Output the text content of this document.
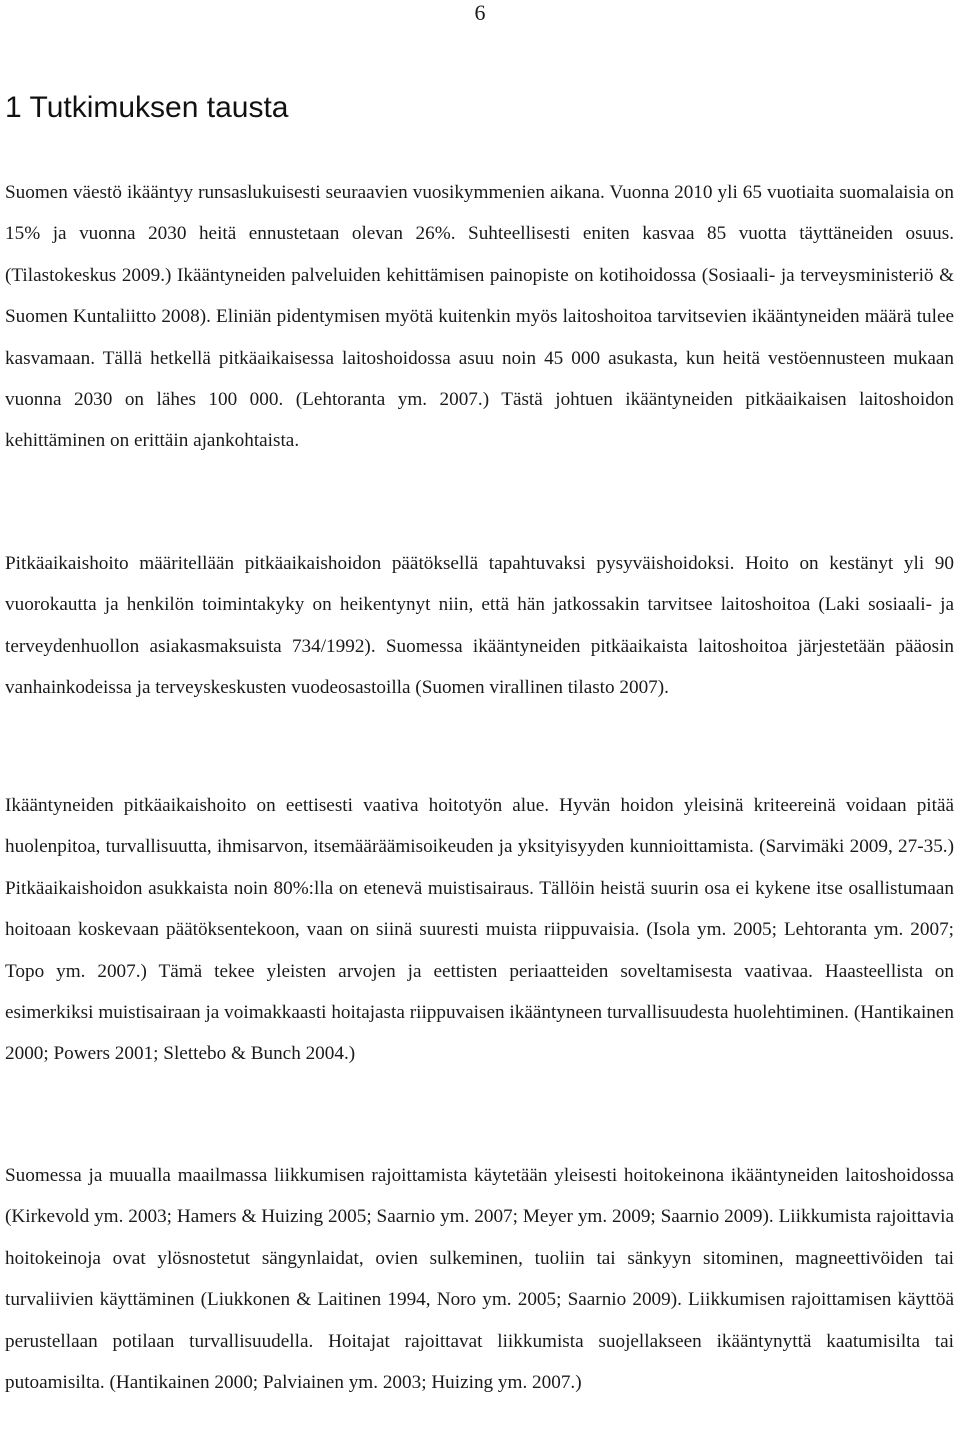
6
1 Tutkimuksen tausta

Suomen väestö ikääntyy runsaslukuisesti seuraavien vuosikymmenien aikana. Vuonna 2010 yli 65 vuotiaita suomalaisia on 15% ja vuonna 2030 heitä ennustetaan olevan 26%. Suhteellisesti eniten kasvaa 85 vuotta täyttäneiden osuus. (Tilastokeskus 2009.) Ikääntyneiden palveluiden kehittämisen painopiste on kotihoidossa (Sosiaali- ja terveysministeriö & Suomen Kuntaliitto 2008). Eliniän pidentymisen myötä kuitenkin myös laitoshoitoa tarvitsevien ikääntyneiden määrä tulee kasvamaan. Tällä hetkellä pitkäaikaisessa laitoshoidossa asuu noin 45 000 asukasta, kun heitä vestöennusteen mukaan vuonna 2030 on lähes 100 000. (Lehtoranta ym. 2007.) Tästä johtuen ikääntyneiden pitkäaikaisen laitoshoidon kehittäminen on erittäin ajankohtaista.

Pitkäaikaishoito määritellään pitkäaikaishoidon päätöksellä tapahtuvaksi pysyväishoidoksi. Hoito on kestänyt yli 90 vuorokautta ja henkilön toimintakyky on heikentynyt niin, että hän jatkossakin tarvitsee laitoshoitoa (Laki sosiaali- ja terveydenhuollon asiakasmaksuista 734/1992). Suomessa ikääntyneiden pitkäaikaista laitoshoitoa järjestetään pääosin vanhainkodeissa ja terveyskeskusten vuodeosastoilla (Suomen virallinen tilasto 2007).

Ikääntyneiden pitkäaikaishoito on eettisesti vaativa hoitotyön alue. Hyvän hoidon yleisinä kriteereinä voidaan pitää huolenpitoa, turvallisuutta, ihmisarvon, itsemääräämisoikeuden ja yksityisyyden kunnioittamista. (Sarvimäki 2009, 27-35.) Pitkäaikaishoidon asukkaista noin 80%:lla on etenevä muistisairaus. Tällöin heistä suurin osa ei kykene itse osallistumaan hoitoaan koskevaan päätöksentekoon, vaan on siinä suuresti muista riippuvaisia. (Isola ym. 2005; Lehtoranta ym. 2007; Topo ym. 2007.) Tämä tekee yleisten arvojen ja eettisten periaatteiden soveltamisesta vaativaa. Haasteellista on esimerkiksi muistisairaan ja voimakkaasti hoitajasta riippuvaisen ikääntyneen turvallisuudesta huolehtiminen. (Hantikainen 2000; Powers 2001; Slettebo & Bunch 2004.)

Suomessa ja muualla maailmassa liikkumisen rajoittamista käytetään yleisesti hoitokeinona ikääntyneiden laitoshoidossa (Kirkevold ym. 2003; Hamers & Huizing 2005; Saarnio ym. 2007; Meyer ym. 2009; Saarnio 2009). Liikkumista rajoittavia hoitokeinoja ovat ylösnostetut sängynlaidat, ovien sulkeminen, tuoliin tai sänkyyn sitominen, magneettivöiden tai turvaliivien käyttäminen (Liukkonen & Laitinen 1994, Noro ym. 2005; Saarnio 2009). Liikkumisen rajoittamisen käyttöä perustellaan potilaan turvallisuudella. Hoitajat rajoittavat liikkumista suojellakseen ikääntynyttä kaatumisilta tai putoamisilta. (Hantikainen 2000; Palviainen ym. 2003; Huizing ym. 2007.)
